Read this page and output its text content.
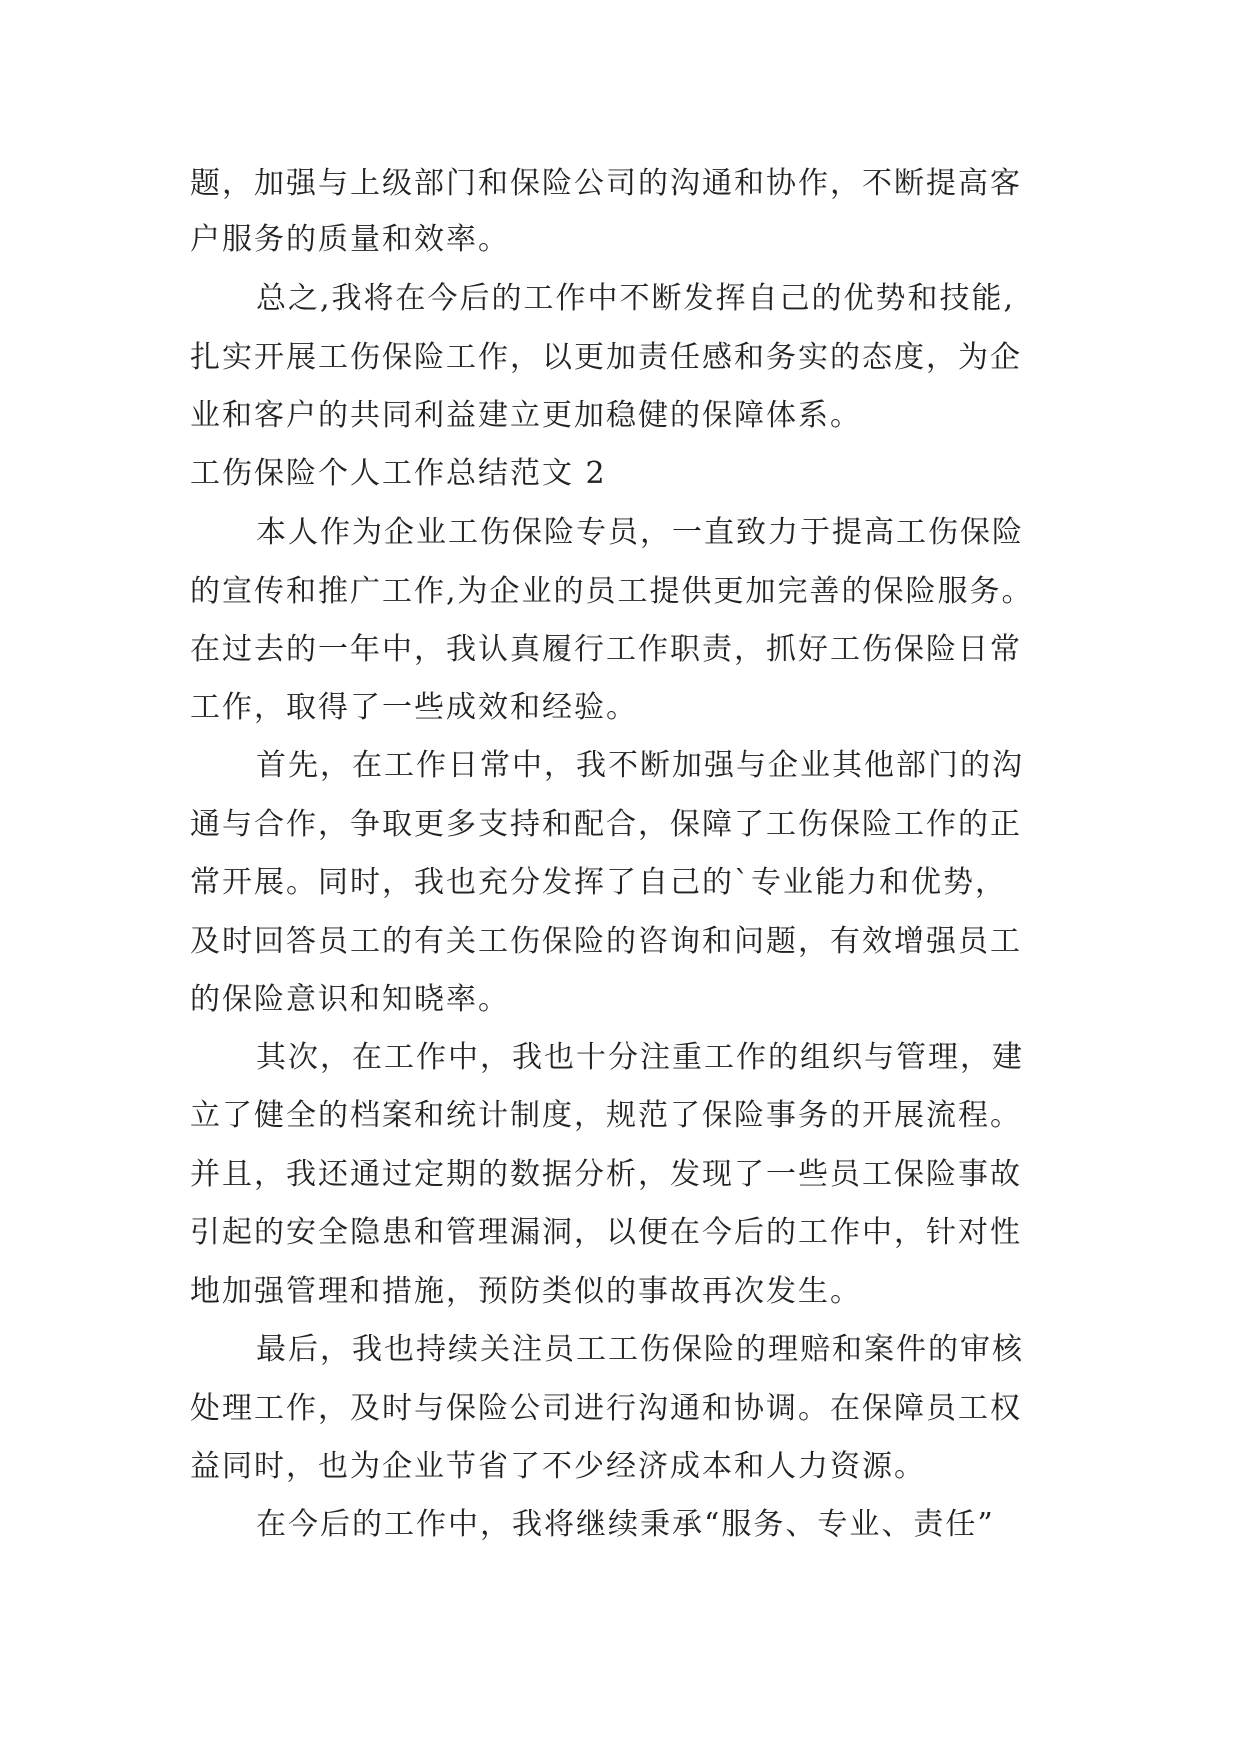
题，加强与上级部门和保险公司的沟通和协作，不断提高客
户服务的质量和效率。
总之,我将在今后的工作中不断发挥自己的优势和技能,
扎实开展工伤保险工作，以更加责任感和务实的态度，为企
业和客户的共同利益建立更加稳健的保障体系。
工伤保险个人工作总结范文 2
本人作为企业工伤保险专员，一直致力于提高工伤保险
的宣传和推广工作,为企业的员工提供更加完善的保险服务。
在过去的一年中，我认真履行工作职责，抓好工伤保险日常
工作，取得了一些成效和经验。
首先，在工作日常中，我不断加强与企业其他部门的沟
通与合作，争取更多支持和配合，保障了工伤保险工作的正
常开展。同时，我也充分发挥了自己的`专业能力和优势，
及时回答员工的有关工伤保险的咨询和问题，有效增强员工
的保险意识和知晓率。
其次，在工作中，我也十分注重工作的组织与管理，建
立了健全的档案和统计制度，规范了保险事务的开展流程。
并且，我还通过定期的数据分析，发现了一些员工保险事故
引起的安全隐患和管理漏洞，以便在今后的工作中，针对性
地加强管理和措施，预防类似的事故再次发生。
最后，我也持续关注员工工伤保险的理赔和案件的审核
处理工作，及时与保险公司进行沟通和协调。在保障员工权
益同时，也为企业节省了不少经济成本和人力资源。
在今后的工作中，我将继续秉承“服务、专业、责任”
